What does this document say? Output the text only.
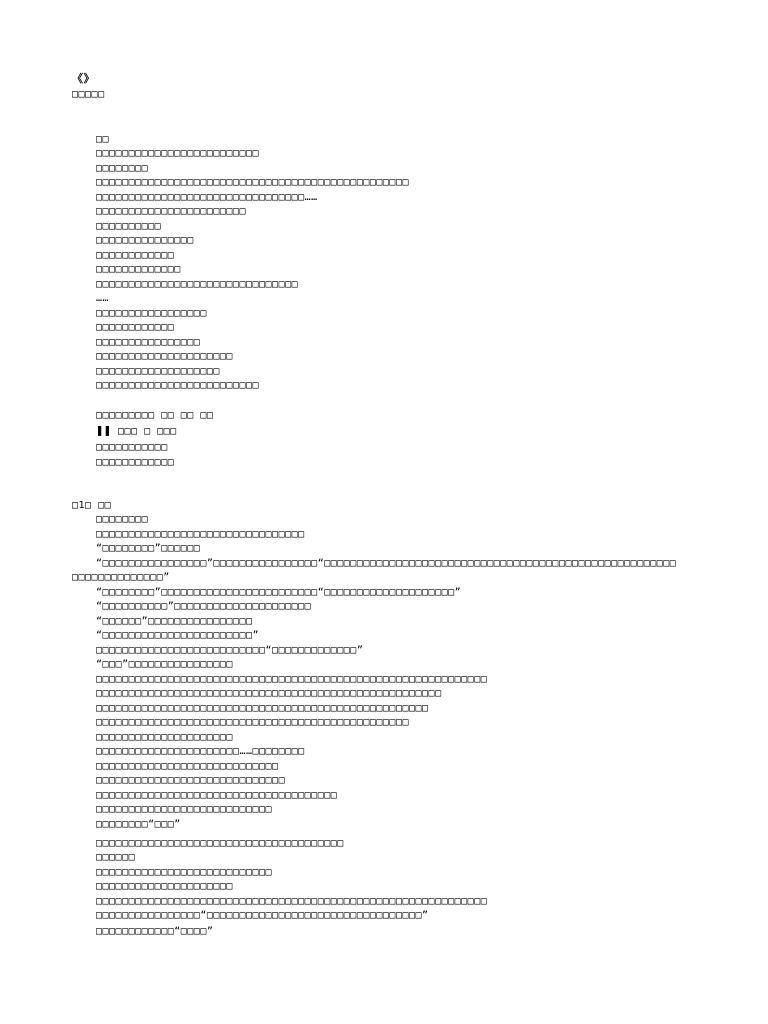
《》
□□□□□
□□
□□□□□□□□□□□□□□□□□□□□□□□□□
□□□□□□□□
□□□□□□□□□□□□□□□□□□□□□□□□□□□□□□□□□□□□□□□□□□□□□□□□
□□□□□□□□□□□□□□□□□□□□□□□□□□□□□□□□……
□□□□□□□□□□□□□□□□□□□□□□□
□□□□□□□□□□
□□□□□□□□□□□□□□□
□□□□□□□□□□□□
□□□□□□□□□□□□□
□□□□□□□□□□□□□□□□□□□□□□□□□□□□□□□
……
□□□□□□□□□□□□□□□□□
□□□□□□□□□□□□
□□□□□□□□□□□□□□□□
□□□□□□□□□□□□□□□□□□□□□
□□□□□□□□□□□□□□□□□□□
□□□□□□□□□□□□□□□□□□□□□□□□□
□□□□□□□□□ □□ □□ □□
❚❚ □□□ □ □□□
□□□□□□□□□□□
□□□□□□□□□□□□
□1□ □□
□□□□□□□□
□□□□□□□□□□□□□□□□□□□□□□□□□□□□□□□□
“□□□□□□□□”□□□□□□
“□□□□□□□□□□□□□□□□”□□□□□□□□□□□□□□□□“□□□□□□□□□□□□□□□□□□□□□□□□□□□□□□□□□□□□□□□□□□□□□□□□□□□□□□
□□□□□□□□□□□□□□”
“□□□□□□□□”□□□□□□□□□□□□□□□□□□□□□□□□“□□□□□□□□□□□□□□□□□□□□”
“□□□□□□□□□□”□□□□□□□□□□□□□□□□□□□□□
“□□□□□□”□□□□□□□□□□□□□□□□
“□□□□□□□□□□□□□□□□□□□□□□□”
□□□□□□□□□□□□□□□□□□□□□□□□□□“□□□□□□□□□□□□□”
“□□□”□□□□□□□□□□□□□□□□
□□□□□□□□□□□□□□□□□□□□□□□□□□□□□□□□□□□□□□□□□□□□□□□□□□□□□□□□□□□□
□□□□□□□□□□□□□□□□□□□□□□□□□□□□□□□□□□□□□□□□□□□□□□□□□□□□□
□□□□□□□□□□□□□□□□□□□□□□□□□□□□□□□□□□□□□□□□□□□□□□□□□□□
□□□□□□□□□□□□□□□□□□□□□□□□□□□□□□□□□□□□□□□□□□□□□□□□
□□□□□□□□□□□□□□□□□□□□□
□□□□□□□□□□□□□□□□□□□□□□……□□□□□□□□
□□□□□□□□□□□□□□□□□□□□□□□□□□□□
□□□□□□□□□□□□□□□□□□□□□□□□□□□□□
□□□□□□□□□□□□□□□□□□□□□□□□□□□□□□□□□□□□□
□□□□□□□□□□□□□□□□□□□□□□□□□□□
□□□□□□□□“□□□”
□□□□□□□□□□□□□□□□□□□□□□□□□□□□□□□□□□□□□□
□□□□□□
□□□□□□□□□□□□□□□□□□□□□□□□□□□
□□□□□□□□□□□□□□□□□□□□□
□□□□□□□□□□□□□□□□□□□□□□□□□□□□□□□□□□□□□□□□□□□□□□□□□□□□□□□□□□□□
□□□□□□□□□□□□□□□□“□□□□□□□□□□□□□□□□□□□□□□□□□□□□□□□□□”
□□□□□□□□□□□□“□□□□”
